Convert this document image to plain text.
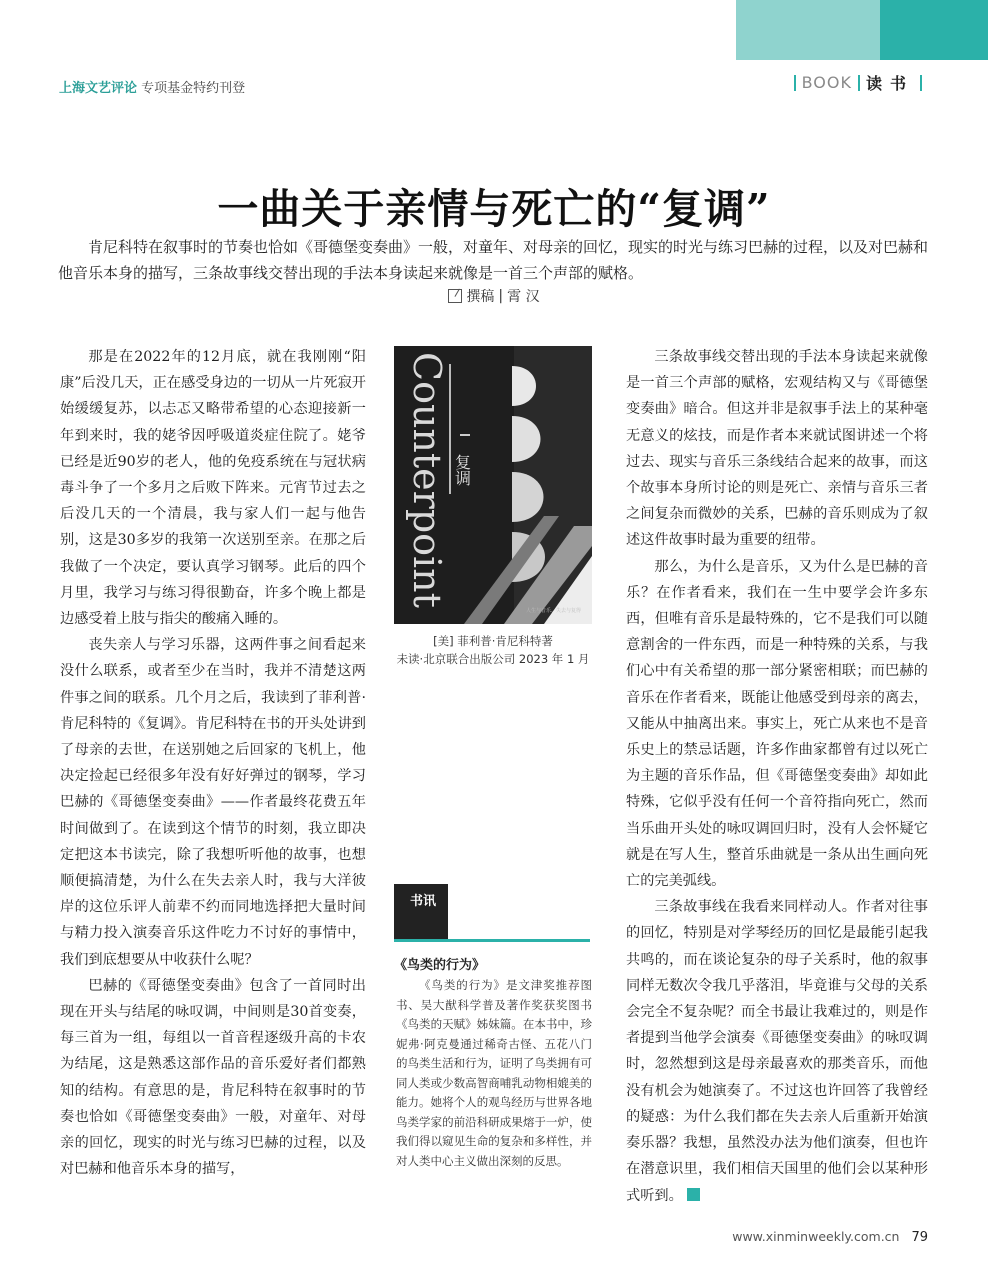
上海文艺评论 专项基金特约刊登	BOOK 读书
一曲关于亲情与死亡的“复调”

肯尼科特在叙事时的节奏也恰如《哥德堡变奏曲》一般，对童年、对母亲的回忆，现实的时光与练习巴赫的过程，以及对巴赫和他音乐本身的描写，三条故事线交替出现的手法本身读起来就像是一首三个声部的赋格。

撰稿 | 霄 汉

那是在2022年的12月底，就在我刚刚“阳康”后没几天，正在感受身边的一切从一片死寂开始缓缓复苏，以忐忑又略带希望的心态迎接新一年到来时，我的姥爷因呼吸道炎症住院了。姥爷已经是近90岁的老人，他的免疫系统在与冠状病毒斗争了一个多月之后败下阵来。元宵节过去之后没几天的一个清晨，我与家人们一起与他告别，这是30多岁的我第一次送别至亲。在那之后我做了一个决定，要认真学习钢琴。此后的四个月里，我学习与练习得很勤奋，许多个晚上都是边感受着上肢与指尖的酸痛入睡的。

丧失亲人与学习乐器，这两件事之间看起来没什么联系，或者至少在当时，我并不清楚这两件事之间的联系。几个月之后，我读到了菲利普·肯尼科特的《复调》。肯尼科特在书的开头处讲到了母亲的去世，在送别她之后回家的飞机上，他决定捡起已经很多年没有好好弹过的钢琴，学习巴赫的《哥德堡变奏曲》——作者最终花费五年时间做到了。在读到这个情节的时刻，我立即决定把这本书读完，除了我想听听他的故事，也想顺便搞清楚，为什么在失去亲人时，我与大洋彼岸的这位乐评人前辈不约而同地选择把大量时间与精力投入演奏音乐这件吃力不讨好的事情中，我们到底想要从中收获什么呢？

巴赫的《哥德堡变奏曲》包含了一首同时出现在开头与结尾的咏叹调，中间则是30首变奏，每三首为一组，每组以一首音程逐级升高的卡农为结尾，这是熟悉这部作品的音乐爱好者们都熟知的结构。有意思的是，肯尼科特在叙事时的节奏也恰如《哥德堡变奏曲》一般，对童年、对母亲的回忆，现实的时光与练习巴赫的过程，以及对巴赫和他音乐本身的描写，

Counterpoint 复调
人生与音乐、失去与复得
[美] 菲利普·肯尼科特著
未读·北京联合出版公司 2023 年 1 月
书讯
《鸟类的行为》

《鸟类的行为》是文津奖推荐图书、吴大猷科学普及著作奖获奖图书《鸟类的天赋》姊妹篇。在本书中，珍妮弗·阿克曼通过稀奇古怪、五花八门的鸟类生活和行为，证明了鸟类拥有可同人类或少数高智商哺乳动物相媲美的能力。她将个人的观鸟经历与世界各地鸟类学家的前沿科研成果熔于一炉，使我们得以窥见生命的复杂和多样性，并对人类中心主义做出深刻的反思。

三条故事线交替出现的手法本身读起来就像是一首三个声部的赋格，宏观结构又与《哥德堡变奏曲》暗合。但这并非是叙事手法上的某种毫无意义的炫技，而是作者本来就试图讲述一个将过去、现实与音乐三条线结合起来的故事，而这个故事本身所讨论的则是死亡、亲情与音乐三者之间复杂而微妙的关系，巴赫的音乐则成为了叙述这件故事时最为重要的纽带。

那么，为什么是音乐，又为什么是巴赫的音乐？在作者看来，我们在一生中要学会许多东西，但唯有音乐是最特殊的，它不是我们可以随意割舍的一件东西，而是一种特殊的关系，与我们心中有关希望的那一部分紧密相联；而巴赫的音乐在作者看来，既能让他感受到母亲的离去，又能从中抽离出来。事实上，死亡从来也不是音乐史上的禁忌话题，许多作曲家都曾有过以死亡为主题的音乐作品，但《哥德堡变奏曲》却如此特殊，它似乎没有任何一个音符指向死亡，然而当乐曲开头处的咏叹调回归时，没有人会怀疑它就是在写人生，整首乐曲就是一条从出生画向死亡的完美弧线。

三条故事线在我看来同样动人。作者对往事的回忆，特别是对学琴经历的回忆是最能引起我共鸣的，而在谈论复杂的母子关系时，他的叙事同样无数次令我几乎落泪，毕竟谁与父母的关系会完全不复杂呢？而全书最让我难过的，则是作者提到当他学会演奏《哥德堡变奏曲》的咏叹调时，忽然想到这是母亲最喜欢的那类音乐，而他没有机会为她演奏了。不过这也许回答了我曾经的疑惑：为什么我们都在失去亲人后重新开始演奏乐器？我想，虽然没办法为他们演奏，但也许在潜意识里，我们相信天国里的他们会以某种形式听到。

www.xinminweekly.com.cn 79
